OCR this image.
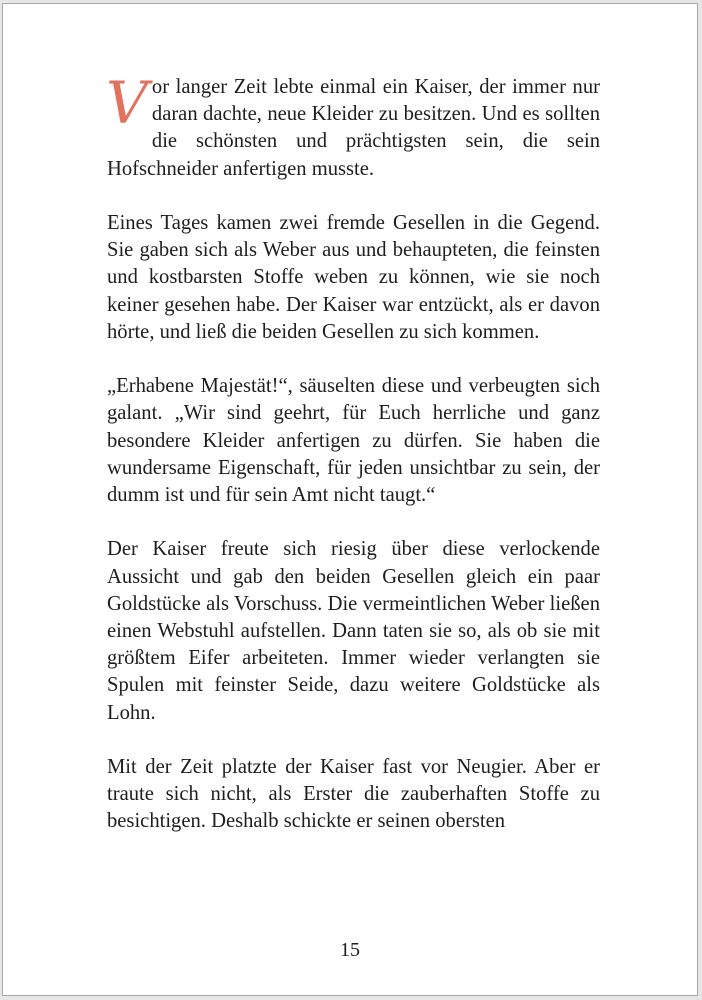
Vor langer Zeit lebte einmal ein Kaiser, der immer nur daran dachte, neue Kleider zu besitzen. Und es sollten die schönsten und prächtigsten sein, die sein Hofschneider anfertigen musste.

Eines Tages kamen zwei fremde Gesellen in die Gegend. Sie gaben sich als Weber aus und behaupteten, die feinsten und kostbarsten Stoffe weben zu können, wie sie noch keiner gesehen habe. Der Kaiser war entzückt, als er davon hörte, und ließ die beiden Gesellen zu sich kommen.

„Erhabene Majestät!“, säuselten diese und verbeugten sich galant. „Wir sind geehrt, für Euch herrliche und ganz besondere Kleider anfertigen zu dürfen. Sie haben die wundersame Eigenschaft, für jeden unsichtbar zu sein, der dumm ist und für sein Amt nicht taugt.“

Der Kaiser freute sich riesig über diese verlockende Aussicht und gab den beiden Gesellen gleich ein paar Goldstücke als Vorschuss. Die vermeintlichen Weber ließen einen Webstuhl aufstellen. Dann taten sie so, als ob sie mit größtem Eifer arbeiteten. Immer wieder verlangten sie Spulen mit feinster Seide, dazu weitere Goldstücke als Lohn.

Mit der Zeit platzte der Kaiser fast vor Neugier. Aber er traute sich nicht, als Erster die zauberhaften Stoffe zu besichtigen. Deshalb schickte er seinen obersten

15
